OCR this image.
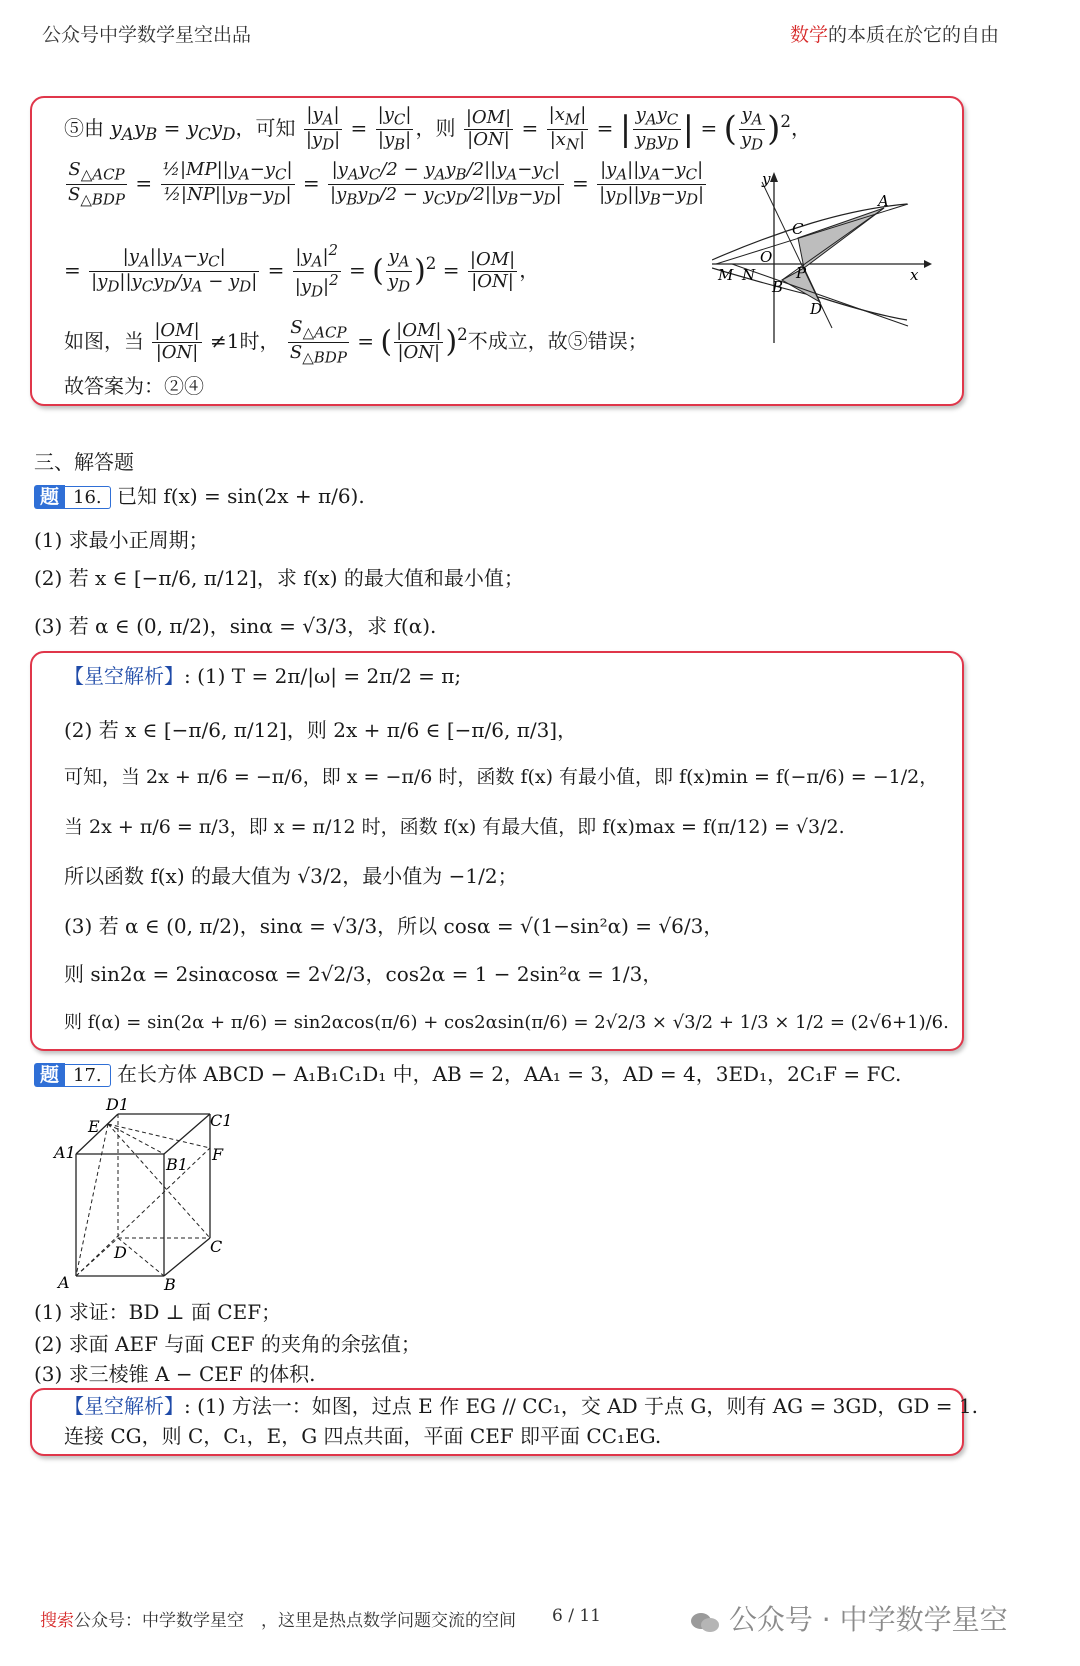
公众号中学数学星空出品	数学的本质在於它的自由
⑤由 $y_Ay_B = y_Cy_D$，可知 $\frac{|y_A|}{|y_D|} = \frac{|y_C|}{|y_B|}$ ，则 $\frac{|OM|}{|ON|} = \frac{|x_M|}{|x_N|}$ = | $\frac{y_Ay_C}{y_By_D}$ | = ( $\frac{y_A}{y_D} )^2$，
$\frac{S_{\triangle ACP}}{S_{\triangle BDP}} = \frac{\frac{1}{2}|MP||y_A-y_C|}{\frac{1}{2}|NP||y_B-y_D|} = \frac{|y_Ay_C/2 - y_Ay_B/2||y_A-y_C|}{|y_By_D/2 - y_Cy_D/2||y_B-y_D|} = \frac{|y_A||y_A-y_C|}{|y_D||y_B-y_D|}$
= $\frac{|y_A||y_A-y_C|}{|y_D||y_Cy_D/y_A - y_D|} = \frac{|y_A|^2}{|y_D|^2}$ = ( $\frac{y_A}{y_D} )^2 = \frac{|OM|}{|ON|}$ ，
如图，当 $\frac{|OM|}{|ON|} \ne 1$时， $\frac{S_{\triangle ACP}}{S_{\triangle BDP}}$ = ( $\frac{|OM|}{|ON|} )^2$不成立，故⑤错误；
故答案为：②④
y
x
A
C
O
P
M N
B
D
三、解答题
题 16. 已知 f(x) = sin(2x + π/6).
(1) 求最小正周期；
(2) 若 x ∈ [−π/6, π/12]，求 f(x) 的最大值和最小值；
(3) 若 α ∈ (0, π/2)，sinα = √3/3，求 f(α).
【星空解析】: (1) T = 2π/|ω| = 2π/2 = π;
(2) 若 x ∈ [−π/6, π/12]，则 2x + π/6 ∈ [−π/6, π/3]，
可知，当 2x + π/6 = −π/6，即 x = −π/6 时，函数 f(x) 有最小值，即 f(x)min = f(−π/6) = −1/2，
当 2x + π/6 = π/3，即 x = π/12 时，函数 f(x) 有最大值，即 f(x)max = f(π/12) = √3/2.
所以函数 f(x) 的最大值为 √3/2，最小值为 −1/2；
(3) 若 α ∈ (0, π/2)，sinα = √3/3，所以 cosα = √(1−sin²α) = √6/3，
则 sin2α = 2sinαcosα = 2√2/3，cos2α = 1 − 2sin²α = 1/3，
则 f(α) = sin(2α + π/6) = sin2αcos(π/6) + cos2αsin(π/6) = 2√2/3 × √3/2 + 1/3 × 1/2 = (2√6+1)/6.
题 17. 在长方体 ABCD − A₁B₁C₁D₁ 中，AB = 2，AA₁ = 3，AD = 4，3ED₁，2C₁F = FC.
D1
C1
E
A1
B1
F
D	C
A	B
(1) 求证：BD ⊥ 面 CEF；
(2) 求面 AEF 与面 CEF 的夹角的余弦值；
(3) 求三棱锥 A − CEF 的体积.
【星空解析】: (1) 方法一：如图，过点 E 作 EG // CC₁，交 AD 于点 G，则有 AG = 3GD，GD = 1.
连接 CG，则 C，C₁，E，G 四点共面，平面 CEF 即平面 CC₁EG.
搜索公众号：中学数学星空　，这里是热点数学问题交流的空间 6 / 11	公众号 · 中学数学星空
